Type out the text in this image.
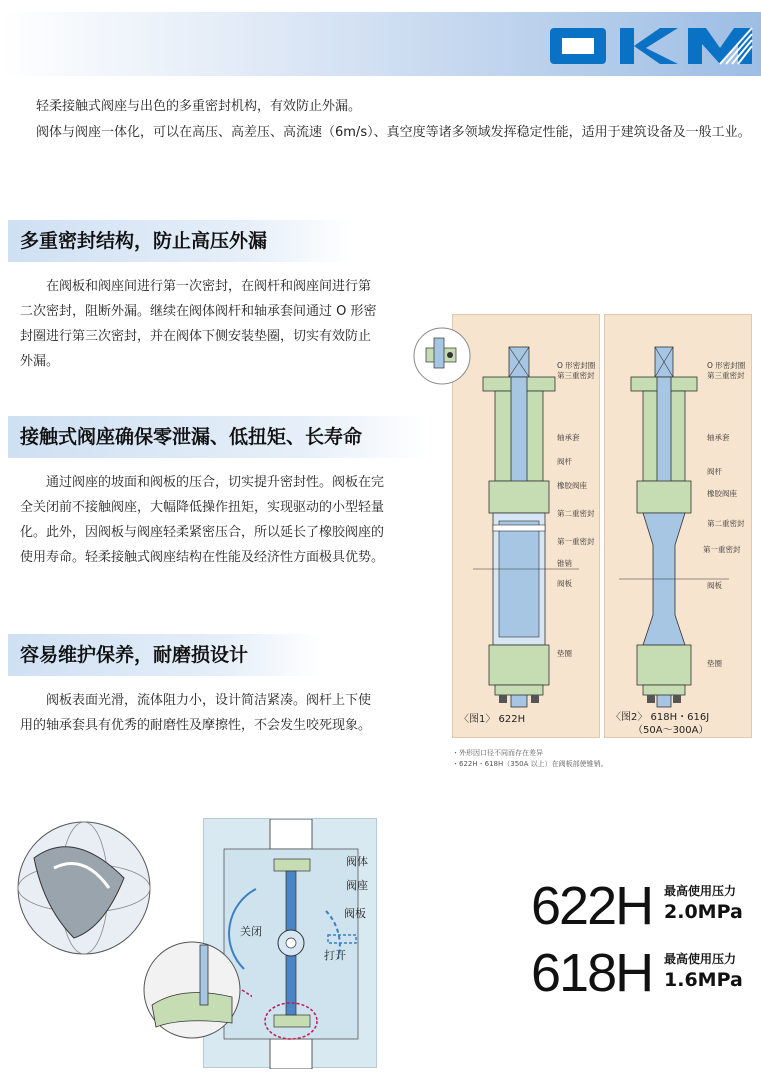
轻柔接触式阀座与出色的多重密封机构，有效防止外漏。

阀体与阀座一体化，可以在高压、高差压、高流速（6m/s）、真空度等诸多领域发挥稳定性能，适用于建筑设备及一般工业。

多重密封结构，防止高压外漏

在阀板和阀座间进行第一次密封，在阀杆和阀座间进行第二次密封，阻断外漏。继续在阀体阀杆和轴承套间通过 O 形密封圈进行第三次密封，并在阀体下侧安装垫圈，切实有效防止外漏。

接触式阀座确保零泄漏、低扭矩、长寿命

通过阀座的坡面和阀板的压合，切实提升密封性。阀板在完全关闭前不接触阀座，大幅降低操作扭矩，实现驱动的小型轻量化。此外，因阀板与阀座轻柔紧密压合，所以延长了橡胶阀座的使用寿命。轻柔接触式阀座结构在性能及经济性方面极具优势。

容易维护保养，耐磨损设计

阀板表面光滑，流体阻力小，设计简洁紧凑。阀杆上下使用的轴承套具有优秀的耐磨性及摩擦性，不会发生咬死现象。

O 形密封圈
第三重密封
轴承套
阀杆
橡胶阀座
第二重密封
第一重密封
锥销
阀板
垫圈
〈图1〉 622H
O 形密封圈
第三重密封
轴承套
阀杆
橡胶阀座
第二重密封
第一重密封
阀板
垫圈
〈图2〉 618H・616J
（50A～300A）
・外形因口径不同而存在差异
・622H・618H（350A 以上）在阀板部使锥销。
阀体
阀座
阀板
关闭
打开
622H 最高使用压力
2.0MPa
618H 最高使用压力
1.6MPa
